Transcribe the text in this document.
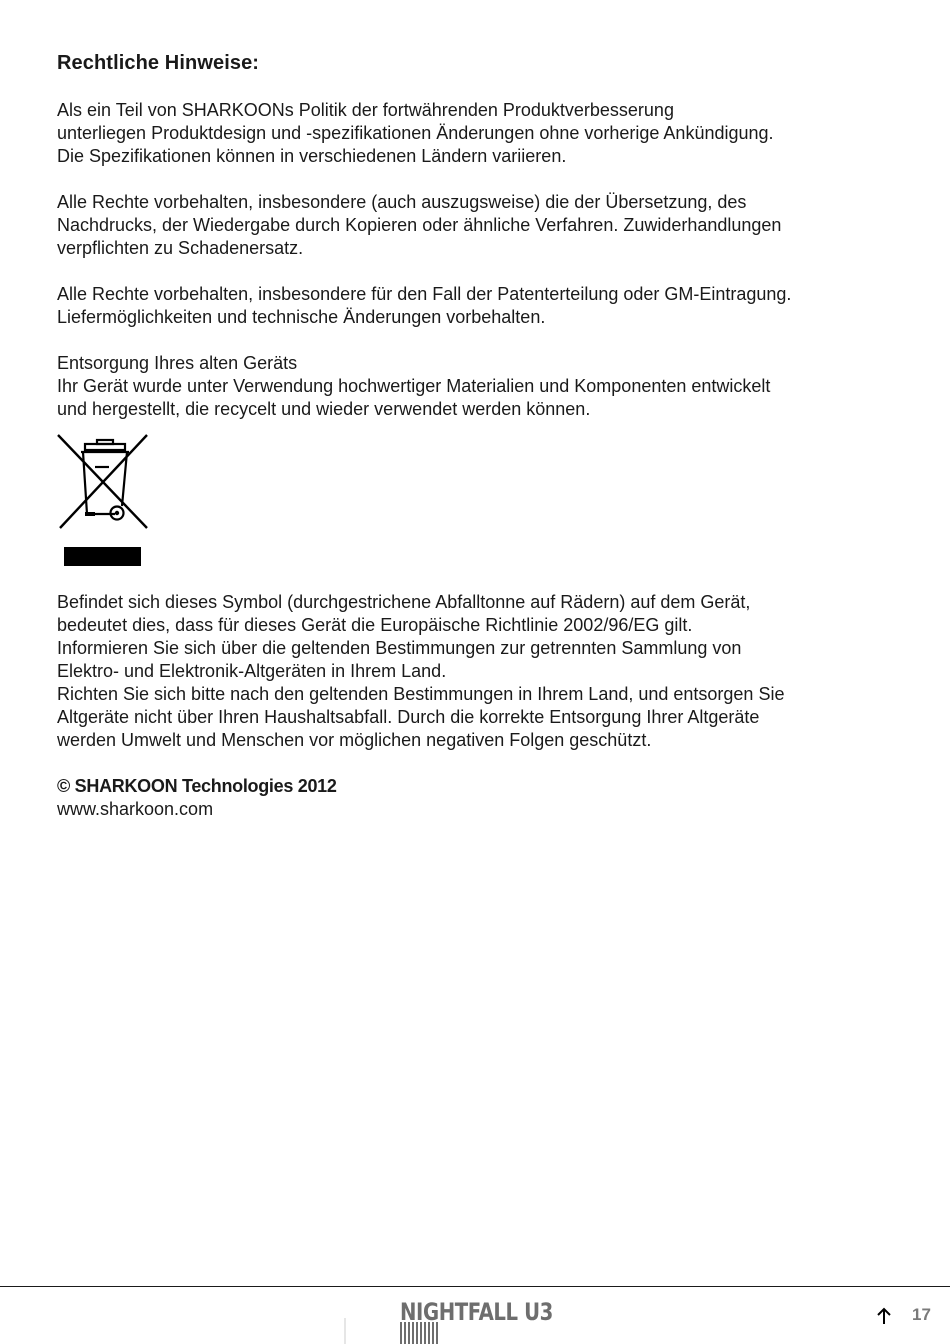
Rechtliche Hinweise:

Als ein Teil von SHARKOONs Politik der fortwährenden Produktverbesserung
unterliegen Produktdesign und -spezifikationen Änderungen ohne vorherige Ankündigung.
Die Spezifikationen können in verschiedenen Ländern variieren.

Alle Rechte vorbehalten, insbesondere (auch auszugsweise) die der Übersetzung, des
Nachdrucks, der Wiedergabe durch Kopieren oder ähnliche Verfahren. Zuwiderhandlungen
verpflichten zu Schadenersatz.

Alle Rechte vorbehalten, insbesondere für den Fall der Patenterteilung oder GM-Eintragung.
Liefermöglichkeiten und technische Änderungen vorbehalten.

Entsorgung Ihres alten Geräts
Ihr Gerät wurde unter Verwendung hochwertiger Materialien und Komponenten entwickelt
und hergestellt, die recycelt und wieder verwendet werden können.

Befindet sich dieses Symbol (durchgestrichene Abfalltonne auf Rädern) auf dem Gerät,
bedeutet dies, dass für dieses Gerät die Europäische Richtlinie 2002/96/EG gilt.
Informieren Sie sich über die geltenden Bestimmungen zur getrennten Sammlung von
Elektro- und Elektronik-Altgeräten in Ihrem Land.
Richten Sie sich bitte nach den geltenden Bestimmungen in Ihrem Land, und entsorgen Sie
Altgeräte nicht über Ihren Haushaltsabfall. Durch die korrekte Entsorgung Ihrer Altgeräte
werden Umwelt und Menschen vor möglichen negativen Folgen geschützt.

© SHARKOON Technologies 2012

www.sharkoon.com

NIGHTFALL U3	17
